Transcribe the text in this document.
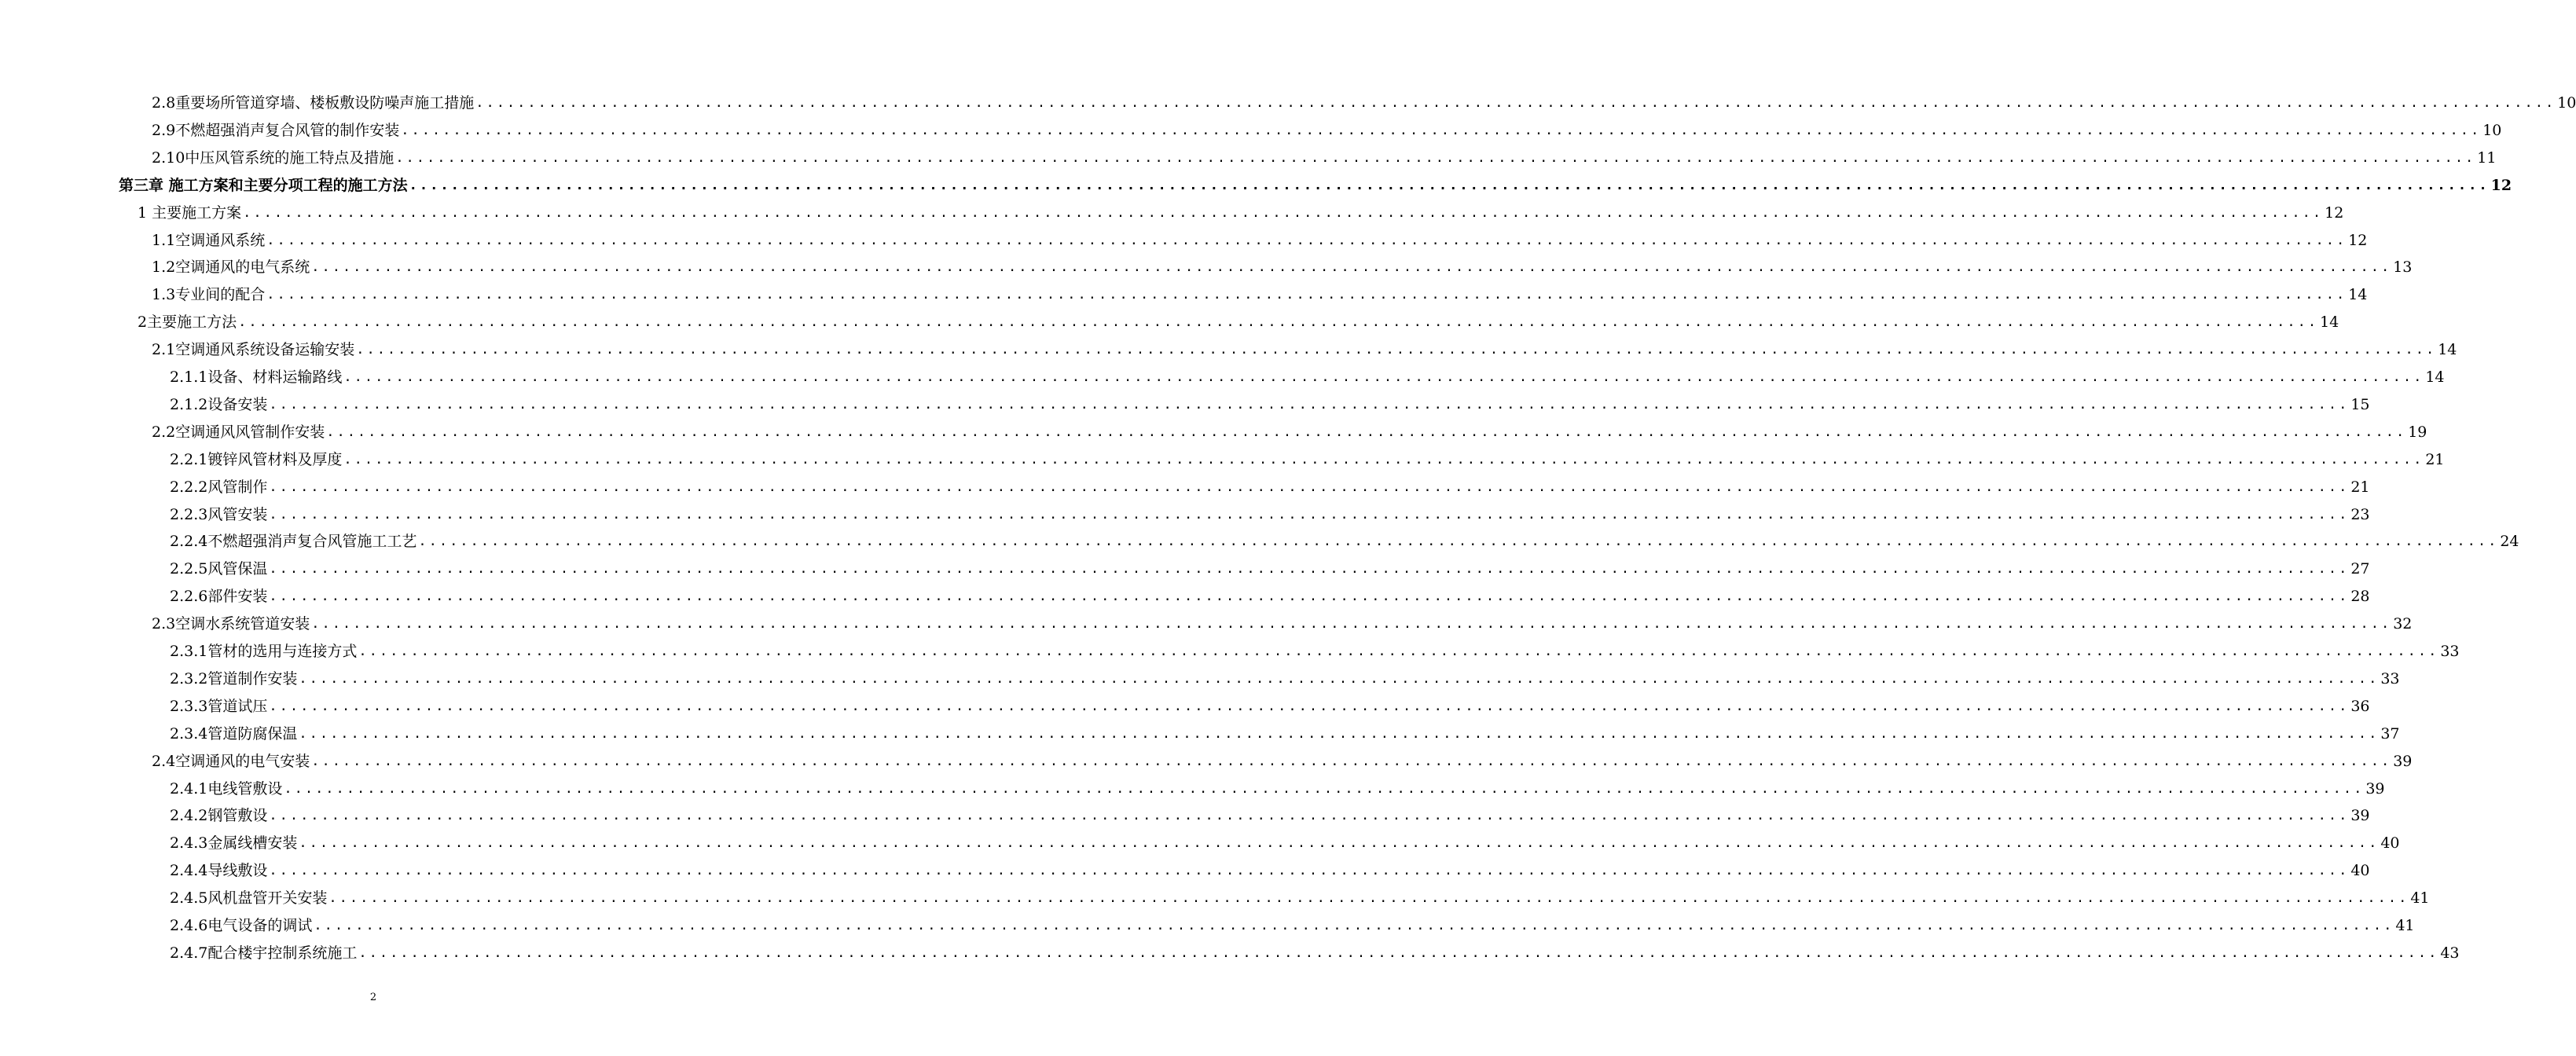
2.8重要场所管道穿墙、楼板敷设防噪声施工措施 ........................................................................................................................................................................................................ 10
2.9不燃超强消声复合风管的制作安装 ........................................................................................................................................................................................................ 10
2.10中压风管系统的施工特点及措施 ........................................................................................................................................................................................................ 11
第三章 施工方案和主要分项工程的施工方法 ........................................................................................................................................................................................................ 12
1 主要施工方案 ........................................................................................................................................................................................................ 12
1.1空调通风系统 ........................................................................................................................................................................................................ 12
1.2空调通风的电气系统 ........................................................................................................................................................................................................ 13
1.3专业间的配合 ........................................................................................................................................................................................................ 14
2主要施工方法 ........................................................................................................................................................................................................ 14
2.1空调通风系统设备运输安装 ........................................................................................................................................................................................................ 14
2.1.1设备、材料运输路线 ........................................................................................................................................................................................................ 14
2.1.2设备安装 ........................................................................................................................................................................................................ 15
2.2空调通风风管制作安装 ........................................................................................................................................................................................................ 19
2.2.1镀锌风管材料及厚度 ........................................................................................................................................................................................................ 21
2.2.2风管制作 ........................................................................................................................................................................................................ 21
2.2.3风管安装 ........................................................................................................................................................................................................ 23
2.2.4不燃超强消声复合风管施工工艺 ........................................................................................................................................................................................................ 24
2.2.5风管保温 ........................................................................................................................................................................................................ 27
2.2.6部件安装 ........................................................................................................................................................................................................ 28
2.3空调水系统管道安装 ........................................................................................................................................................................................................ 32
2.3.1管材的选用与连接方式 ........................................................................................................................................................................................................ 33
2.3.2管道制作安装 ........................................................................................................................................................................................................ 33
2.3.3管道试压 ........................................................................................................................................................................................................ 36
2.3.4管道防腐保温 ........................................................................................................................................................................................................ 37
2.4空调通风的电气安装 ........................................................................................................................................................................................................ 39
2.4.1电线管敷设 ........................................................................................................................................................................................................ 39
2.4.2钢管敷设 ........................................................................................................................................................................................................ 39
2.4.3金属线槽安装 ........................................................................................................................................................................................................ 40
2.4.4导线敷设 ........................................................................................................................................................................................................ 40
2.4.5风机盘管开关安装 ........................................................................................................................................................................................................ 41
2.4.6电气设备的调试 ........................................................................................................................................................................................................ 41
2.4.7配合楼宇控制系统施工 ........................................................................................................................................................................................................ 43
2
